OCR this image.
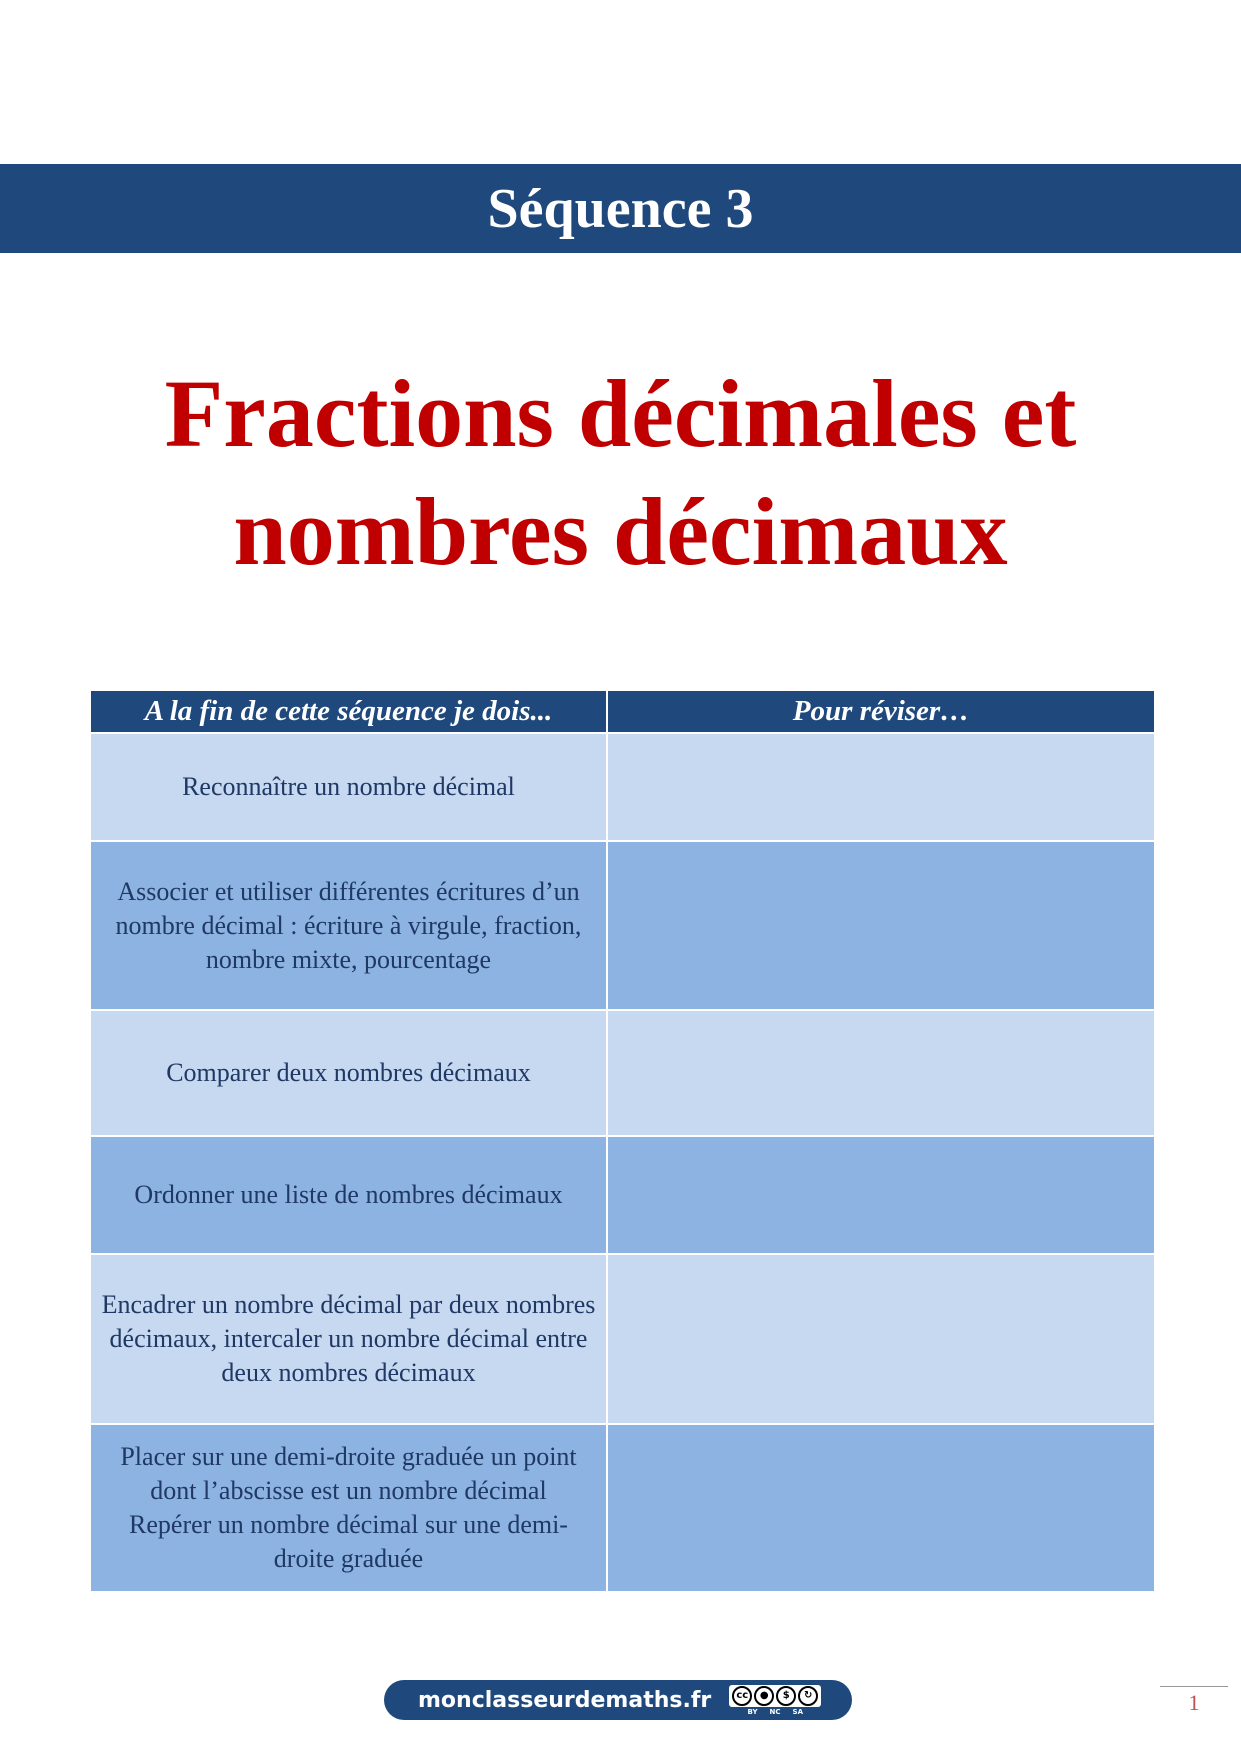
Séquence 3
Fractions décimales et
nombres décimaux
A la fin de cette séquence je dois...	Pour réviser…
Reconnaître un nombre décimal	
Associer et utiliser différentes écritures d’un nombre décimal : écriture à virgule, fraction, nombre mixte, pourcentage	
Comparer deux nombres décimaux	
Ordonner une liste de nombres décimaux	
Encadrer un nombre décimal par deux nombres décimaux, intercaler un nombre décimal entre deux nombres décimaux	

Placer sur une demi-droite graduée un point dont l’abscisse est un nombre décimal
Repérer un nombre décimal sur une demi-droite graduée	

monclasseurdemaths.fr	cc	●	$	↻
BY NC SA	1
